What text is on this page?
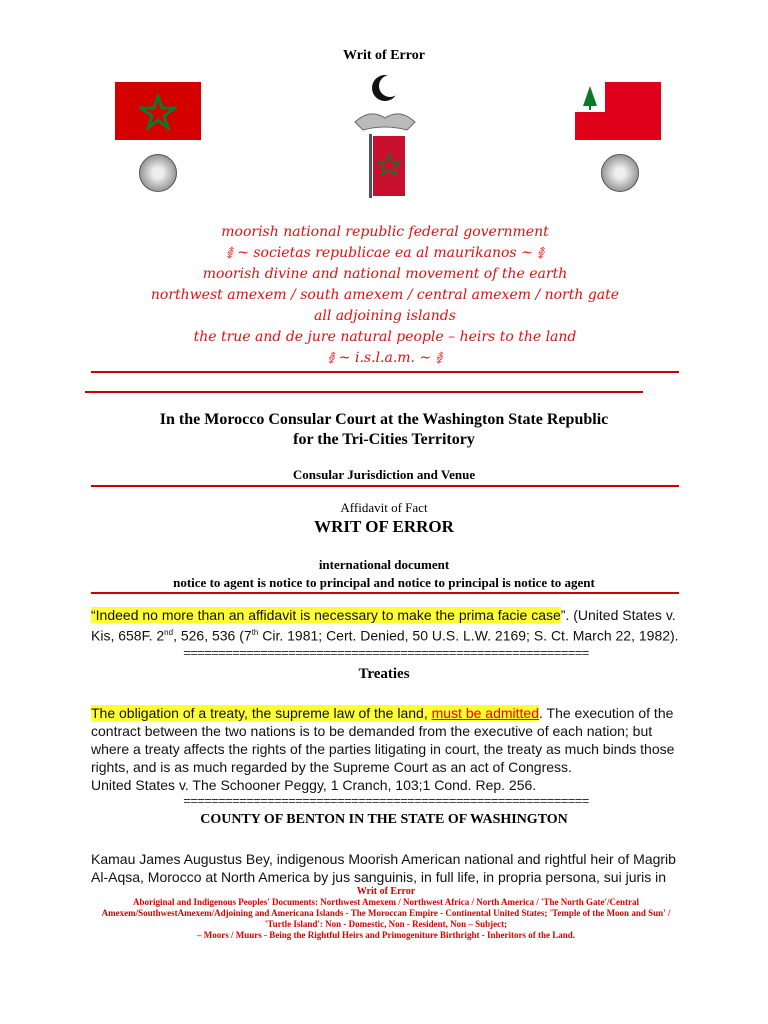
Writ of Error
moorish national republic federal government
࿅ ~ societas republicae ea al maurikanos ~ ࿅
moorish divine and national movement of the earth
northwest amexem / south amexem / central amexem / north gate
all adjoining islands
the true and de jure natural people – heirs to the land
࿅ ~ i.s.l.a.m. ~ ࿅
In the Morocco Consular Court at the Washington State Republic
for the Tri-Cities Territory
Consular Jurisdiction and Venue
Affidavit of Fact
WRIT OF ERROR
international document
notice to agent is notice to principal and notice to principal is notice to agent
“Indeed no more than an affidavit is necessary to make the prima facie case”. (United States v. Kis, 658F. 2nd, 526, 536 (7th Cir. 1981; Cert. Denied, 50 U.S. L.W. 2169; S. Ct. March 22, 1982).
==========================================================
Treaties
The obligation of a treaty, the supreme law of the land, must be admitted. The execution of the contract between the two nations is to be demanded from the executive of each nation; but where a treaty affects the rights of the parties litigating in court, the treaty as much binds those rights, and is as much regarded by the Supreme Court as an act of Congress.
United States v. The Schooner Peggy, 1 Cranch, 103;1 Cond. Rep. 256.
==========================================================
COUNTY OF BENTON IN THE STATE OF WASHINGTON
Kamau James Augustus Bey, indigenous Moorish American national and rightful heir of Magrib Al-Aqsa, Morocco at North America by jus sanguinis, in full life, in propria persona, sui juris in
Writ of Error
Aboriginal and Indigenous Peoples' Documents: Northwest Amexem / Northwest Africa / North America / 'The North Gate'/Central Amexem/SouthwestAmexem/Adjoining and Americana Islands - The Moroccan Empire - Continental United States; 'Temple of the Moon and Sun' / 'Turtle Island': Non - Domestic, Non - Resident, Non – Subject;
– Moors / Muurs - Being the Rightful Heirs and Primogeniture Birthright - Inheritors of the Land.
